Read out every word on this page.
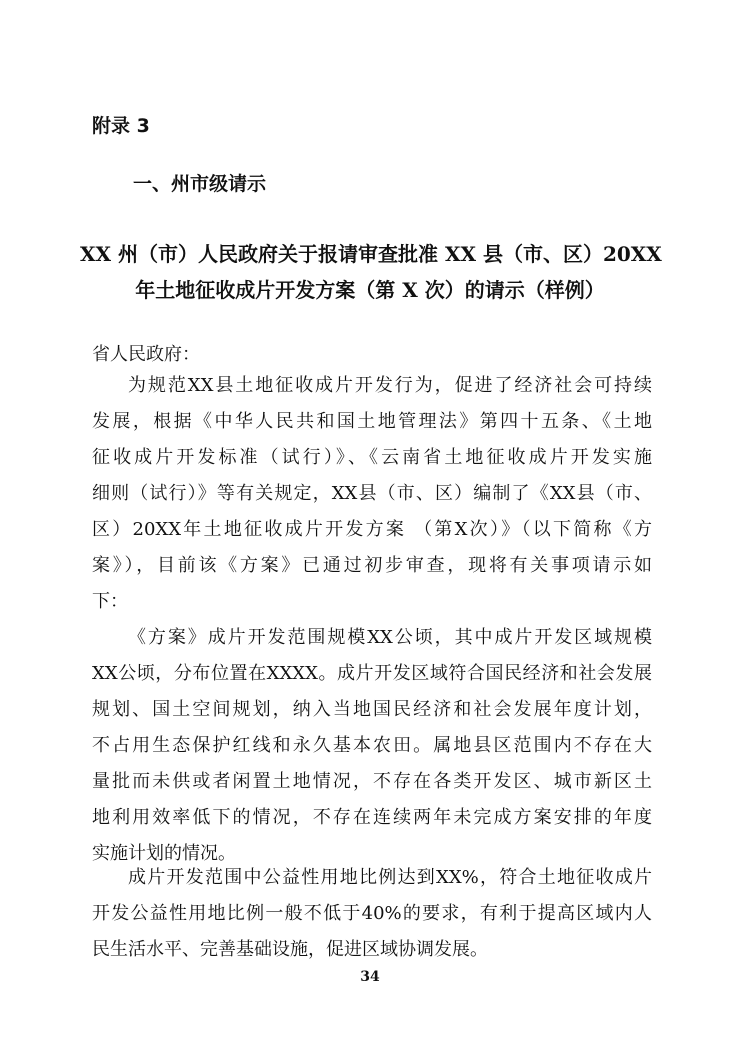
附录 3
一、州市级请示
XX 州（市）人民政府关于报请审查批准 XX 县（市、区）20XX
年土地征收成片开发方案（第 X 次）的请示（样例）
省人民政府：
为规范XX县土地征收成片开发行为，促进了经济社会可持续
发展，根据《中华人民共和国土地管理法》第四十五条、《土地
征收成片开发标准（试行）》、《云南省土地征收成片开发实施
细则（试行）》等有关规定，XX县（市、区）编制了《XX县（市、
区）20XX年土地征收成片开发方案 （第X次）》（以下简称《方
案》），目前该《方案》已通过初步审查，现将有关事项请示如
下：
《方案》成片开发范围规模XX公顷，其中成片开发区域规模
XX公顷，分布位置在XXXX。成片开发区域符合国民经济和社会发展
规划、国土空间规划，纳入当地国民经济和社会发展年度计划，
不占用生态保护红线和永久基本农田。属地县区范围内不存在大
量批而未供或者闲置土地情况，不存在各类开发区、城市新区土
地利用效率低下的情况，不存在连续两年未完成方案安排的年度
实施计划的情况。
成片开发范围中公益性用地比例达到XX%，符合土地征收成片
开发公益性用地比例一般不低于40%的要求，有利于提高区域内人
民生活水平、完善基础设施，促进区域协调发展。
34
